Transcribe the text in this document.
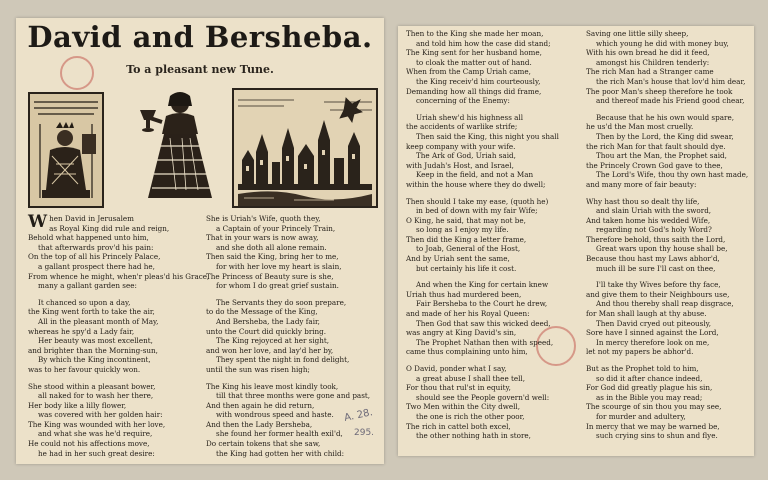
David and Bersheba.
To a pleasant new Tune.
W hen David in Jerusalem
as Royal King did rule and reign,
Behold what happened unto him,
that afterwards prov'd his pain:
On the top of all his Princely Palace,
a gallant prospect there had he,
From whence he might, when'r pleas'd his Grace,
many a gallant garden see:
It chanced so upon a day,
the King went forth to take the air,
All in the pleasant month of May,
whereas he spy'd a Lady fair,
Her beauty was most excellent,
and brighter than the Morning-sun,
By which the King incontinent,
was to her favour quickly won.
She stood within a pleasant bower,
all naked for to wash her there,
Her body like a lilly flower,
was covered with her golden hair:
The King was wounded with her love,
and what she was he'd require,
He could not his affections move,
he had in her such great desire:
She is Uriah's Wife, quoth they,
a Captain of your Princely Train,
That in your wars is now away,
and she doth all alone remain.
Then said the King, bring her to me,
for with her love my heart is slain,
The Princess of Beauty sure is she,
for whom I do great grief sustain.
The Servants they do soon prepare,
to do the Message of the King,
And Bersheba, the Lady fair,
unto the Court did quickly bring.
The King rejoyced at her sight,
and won her love, and lay'd her by,
They spent the night in fond delight,
until the sun was risen high;
The King his leave most kindly took,
till that three months were gone and past,
And then again he did return,
with wondrous speed and haste.
And then the Lady Bersheba,
she found her former health exil'd,
Do certain tokens that she saw,
the King had gotten her with child:
A. 28.
295.
Then to the King she made her moan,
and told him how the case did stand;
The King sent for her husband home,
to cloak the matter out of hand.
When from the Camp Uriah came,
the King receiv'd him courteously,
Demanding how all things did frame,
concerning of the Enemy:
Uriah shew'd his highness all
the accidents of warlike strife;
Then said the King, this night you shall
keep company with your wife.
The Ark of God, Uriah said,
with Judah's Host, and Israel,
Keep in the field, and not a Man
within the house where they do dwell;
Then should I take my ease, (quoth he)
in bed of down with my fair Wife;
O King, he said, that may not be,
so long as I enjoy my life.
Then did the King a letter frame,
to Joab, General of the Host,
And by Uriah sent the same,
but certainly his life it cost.
And when the King for certain knew
Uriah thus had murdered been,
Fair Bersheba to the Court he drew,
and made of her his Royal Queen:
Then God that saw this wicked deed,
was angry at King David's sin,
The Prophet Nathan then with speed,
came thus complaining unto him,
O David, ponder what I say,
a great abuse I shall thee tell,
For thou that rul'st in equity,
should see the People govern'd well:
Two Men within the City dwell,
the one is rich the other poor,
The rich in cattel both excel,
the other nothing hath in store,
Saving one little silly sheep,
which young he did with money buy,
With his own bread he did it feed,
amongst his Children tenderly:
The rich Man had a Stranger came
the rich Man's house that lov'd him dear,
The poor Man's sheep therefore he took
and thereof made his Friend good chear,
Because that he his own would spare,
he us'd the Man most cruelly.
Then by the Lord, the King did swear,
the rich Man for that fault should dye.
Thou art the Man, the Prophet said,
the Princely Crown God gave to thee,
The Lord's Wife, thou thy own hast made,
and many more of fair beauty:
Why hast thou so dealt thy life,
and slain Uriah with the sword,
And taken home his wedded Wife,
regarding not God's holy Word?
Therefore behold, thus saith the Lord,
Great wars upon thy house shall be,
Because thou hast my Laws abhor'd,
much ill be sure I'll cast on thee,
I'll take thy Wives before thy face,
and give them to their Neighbours use,
And thou thereby shall reap disgrace,
for Man shall laugh at thy abuse.
Then David cryed out piteously,
Sore have I sinned against the Lord,
In mercy therefore look on me,
let not my papers be abhor'd.
But as the Prophet told to him,
so did it after chance indeed,
For God did greatly plague his sin,
as in the Bible you may read;
The scourge of sin thou you may see,
for murder and adultery,
In mercy that we may be warned be,
such crying sins to shun and flye.
